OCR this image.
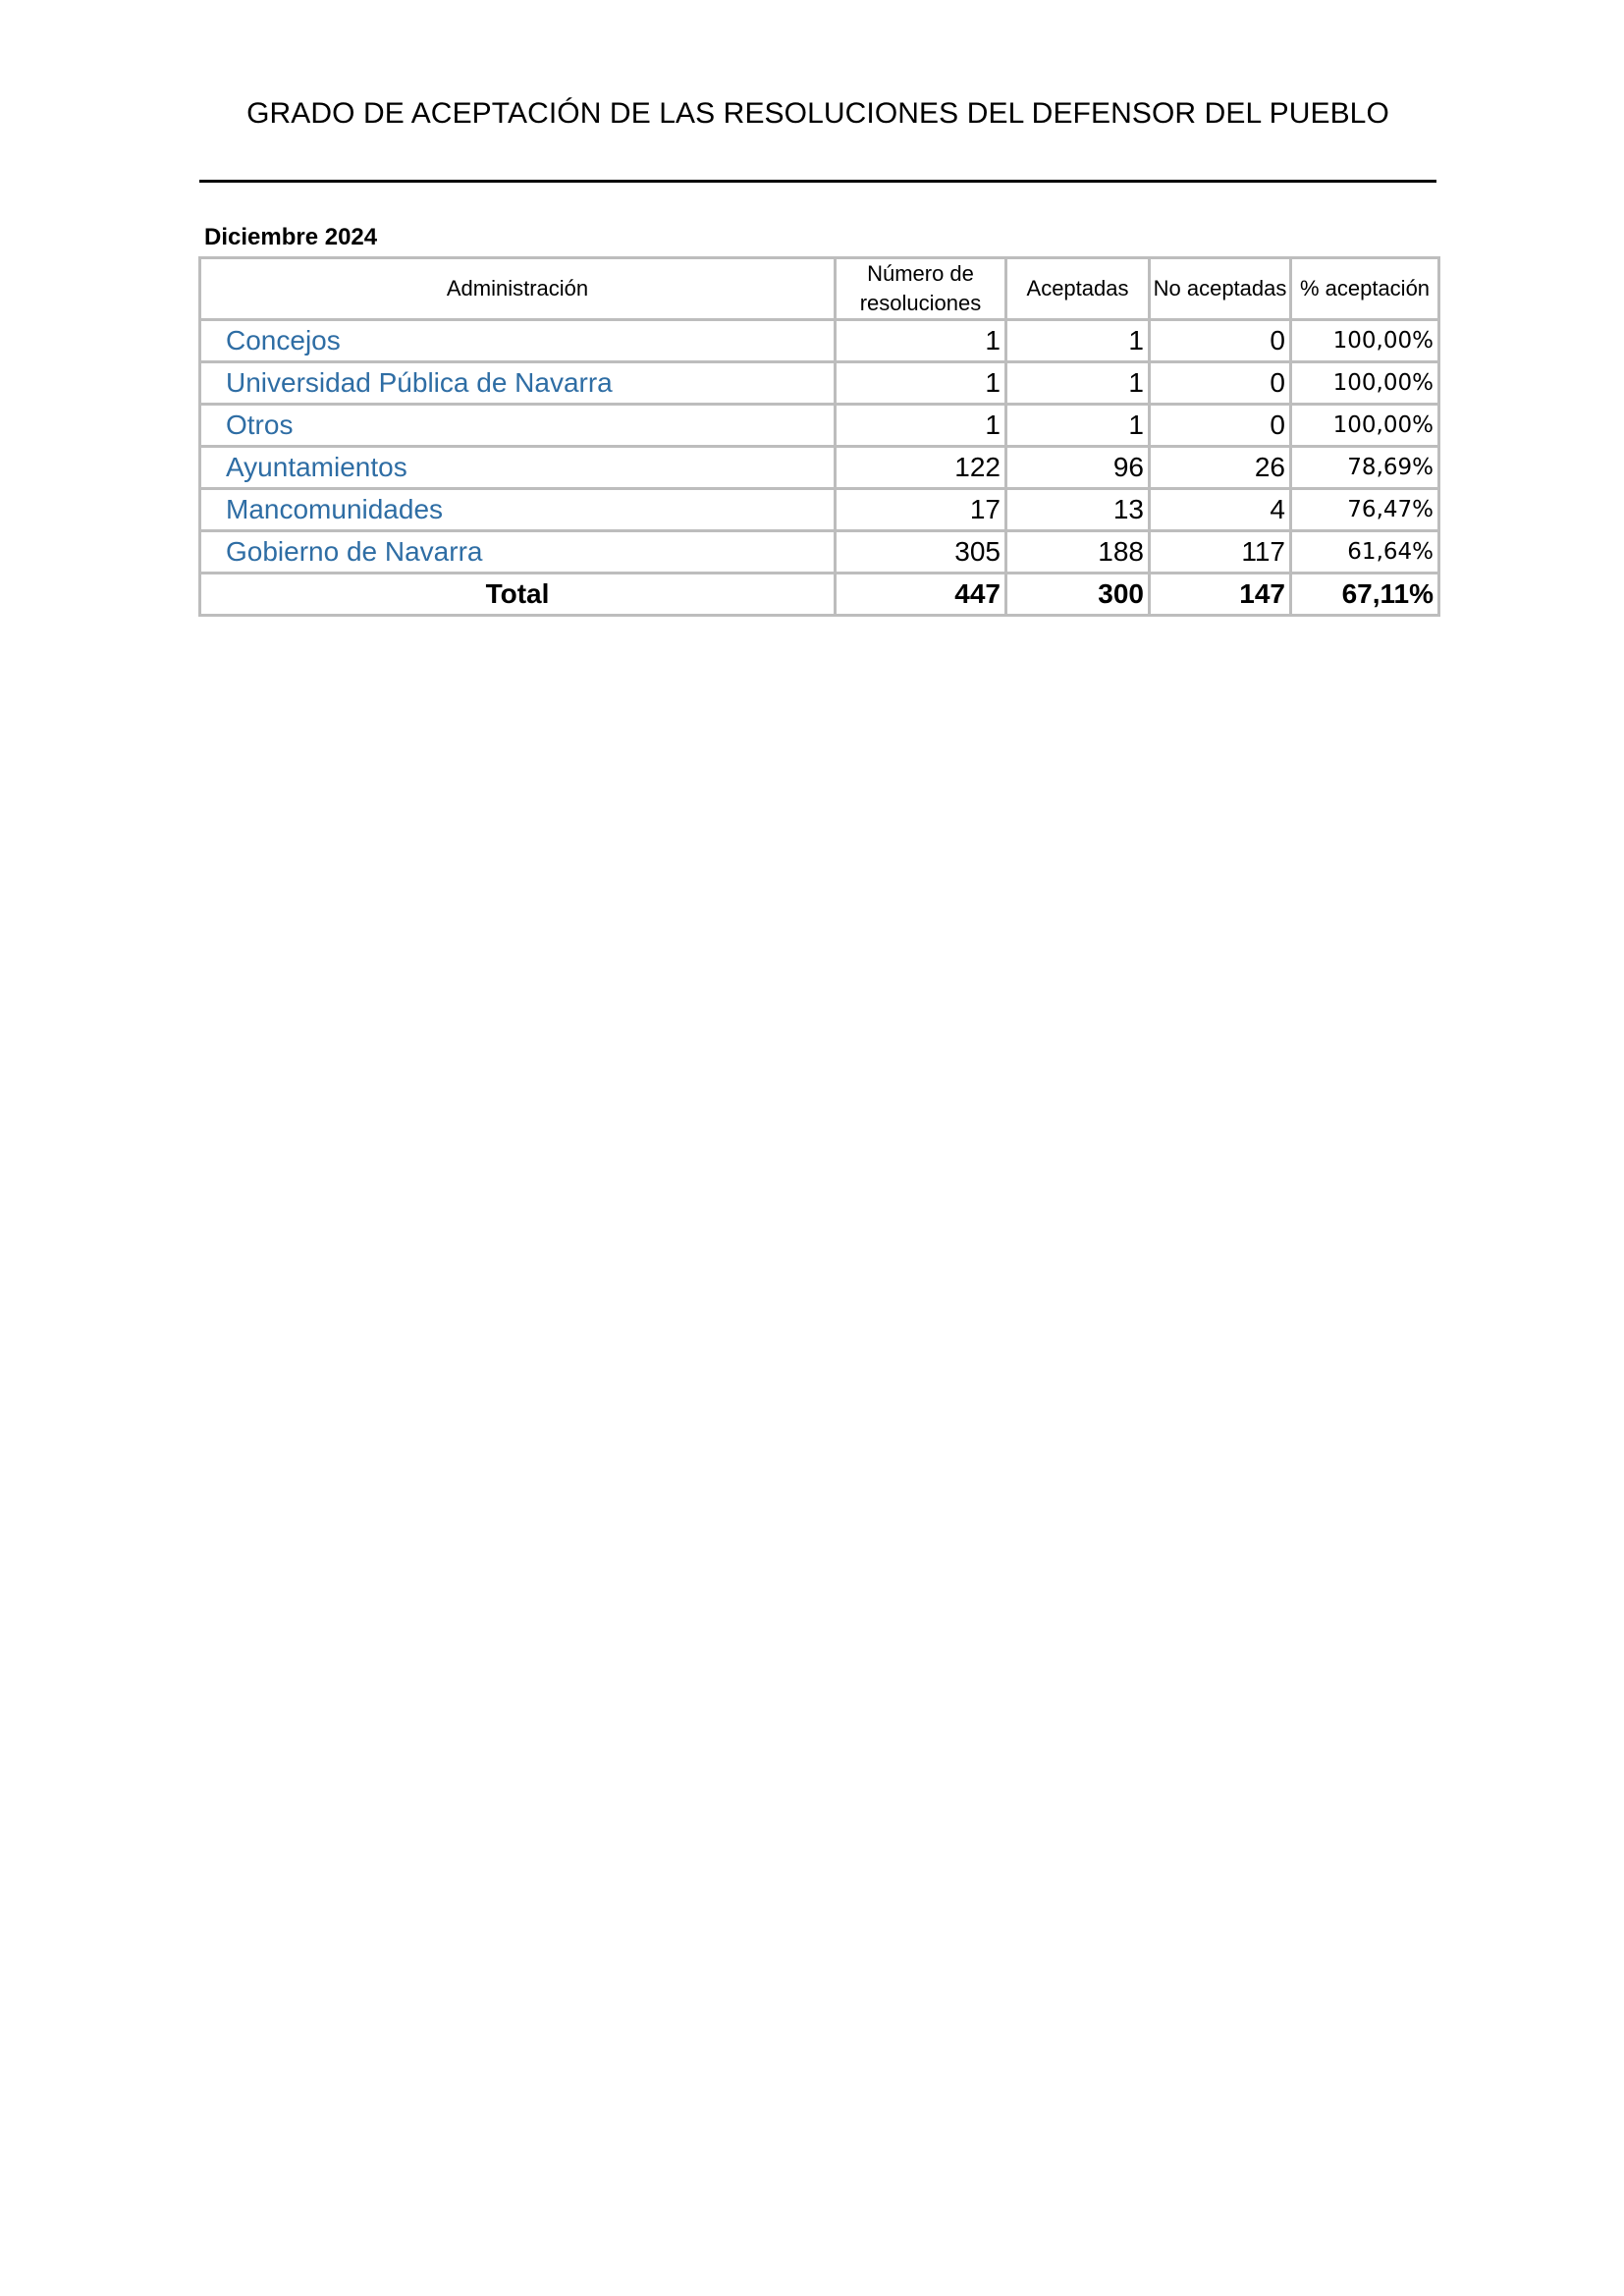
GRADO DE ACEPTACIÓN DE LAS RESOLUCIONES DEL DEFENSOR DEL PUEBLO
Diciembre 2024
Administración	Número de resoluciones	Aceptadas	No aceptadas	% aceptación
Concejos	1	1	0	100,00%
Universidad Pública de Navarra	1	1	0	100,00%
Otros	1	1	0	100,00%
Ayuntamientos	122	96	26	78,69%
Mancomunidades	17	13	4	76,47%
Gobierno de Navarra	305	188	117	61,64%
Total	447	300	147	67,11%
